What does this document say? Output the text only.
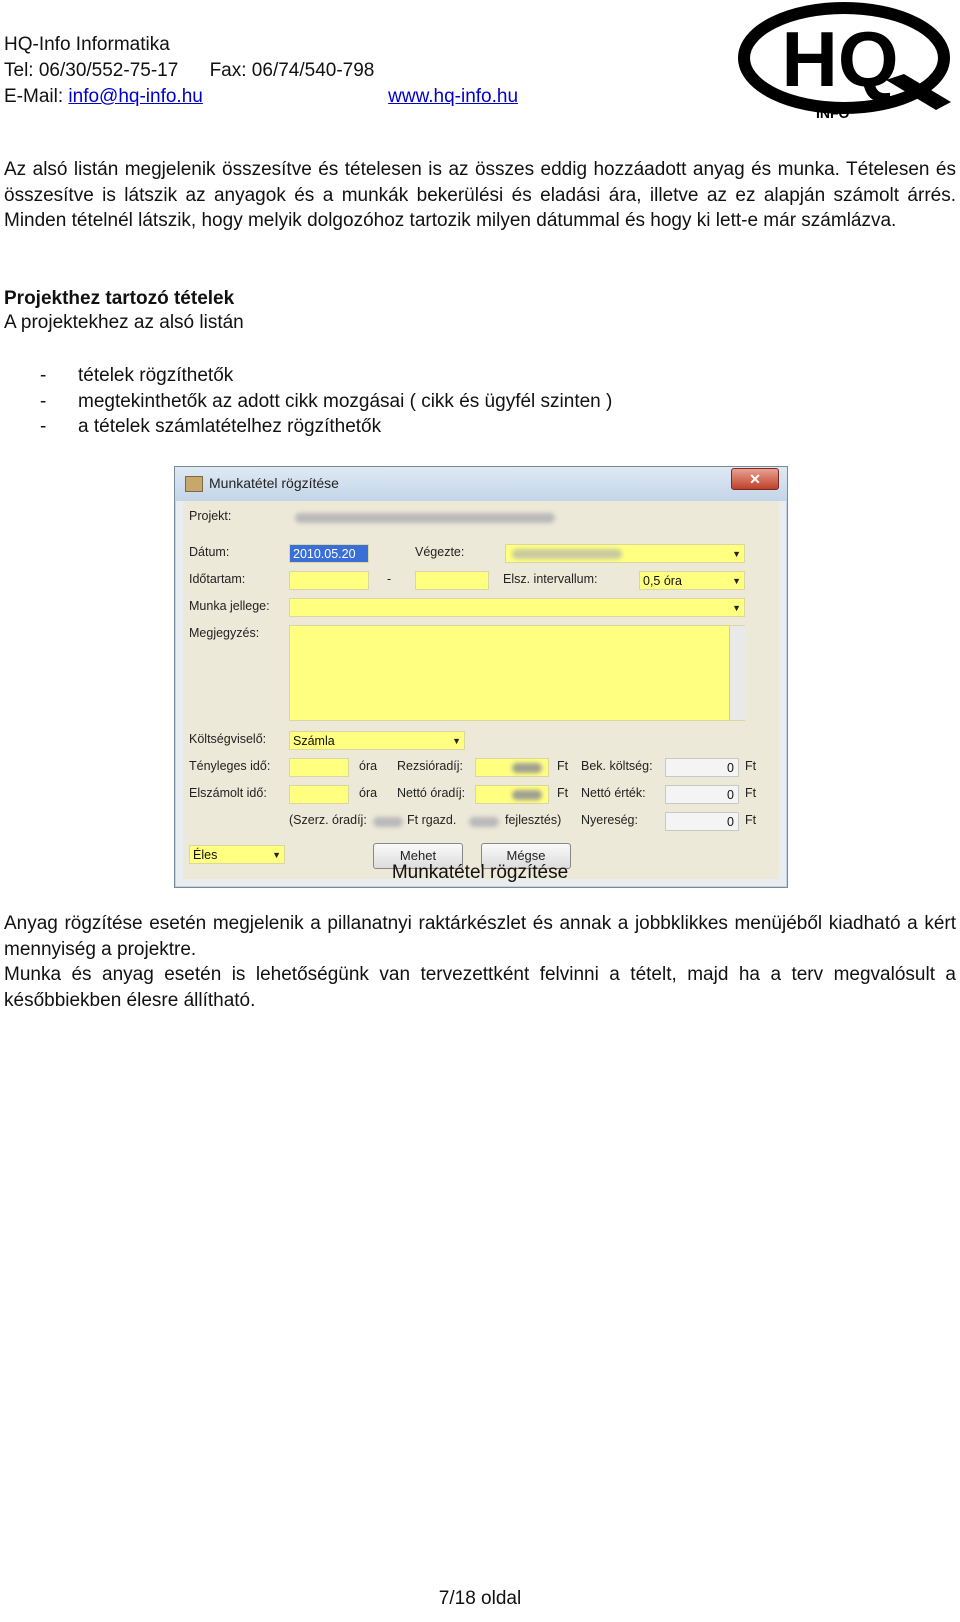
HQ-Info Informatika
Tel: 06/30/552-75-17 Fax: 06/74/540-798
E-Mail: info@hq-info.hu	www.hq-info.hu	HQ
INFO
Az alsó listán megjelenik összesítve és tételesen is az összes eddig hozzáadott anyag és munka. Tételesen és összesítve is látszik az anyagok és a munkák bekerülési és eladási ára, illetve az ez alapján számolt árrés. Minden tételnél látszik, hogy melyik dolgozóhoz tartozik milyen dátummal és hogy ki lett-e már számlázva.
Projekthez tartozó tételek
A projektekhez az alsó listán
-	tételek rögzíthetők
-	megtekinthetők az adott cikk mozgásai ( cikk és ügyfél szinten )
-	a tételek számlatételhez rögzíthetők
Munkatétel rögzítése	✕
Projekt:
Dátum:	2010.05.20	Végezte:	▼
Időtartam:	-	Elsz. intervallum:	0,5 óra	▼
Munka jellege:	▼
Megjegyzés:
Költségviselő:	Számla	▼
Tényleges idő:	óra Rezsióradíj:	Ft Bek. költség:	0 Ft
Elszámolt idő:	óra Nettó óradíj:	Ft Nettó érték:	0 Ft
(Szerz. óradíj:	Ft rgazd.	fejlesztés) Nyereség:	0 Ft
Éles	▼	Mehet	Mégse
Munkatétel rögzítése
Anyag rögzítése esetén megjelenik a pillanatnyi raktárkészlet és annak a jobbklikkes menüjéből kiadható a kért mennyiség a projektre.
Munka és anyag esetén is lehetőségünk van tervezettként felvinni a tételt, majd ha a terv megvalósult a későbbiekben élesre állítható.
7/18 oldal
